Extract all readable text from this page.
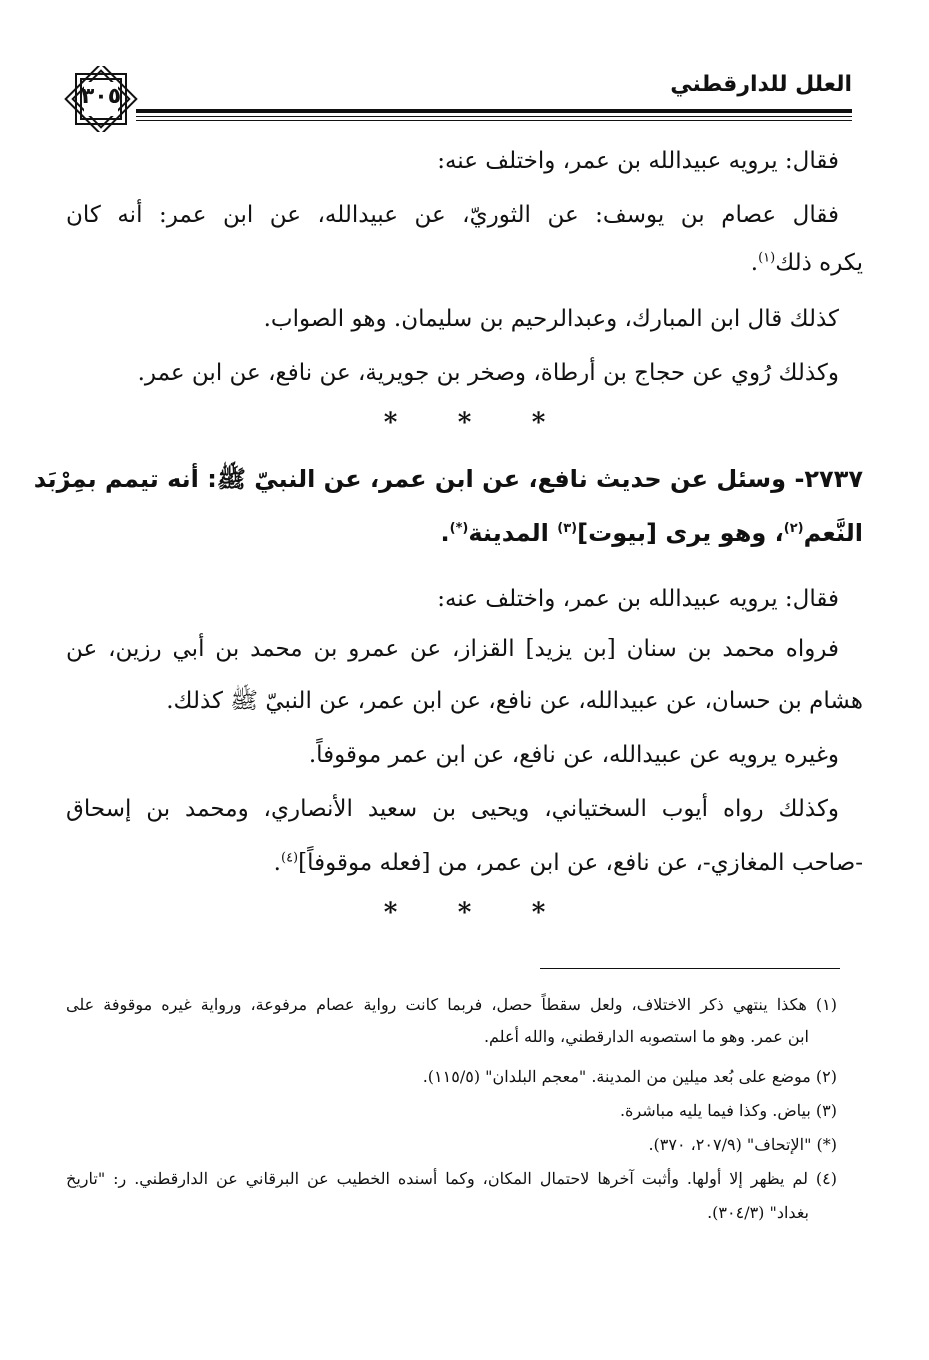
العلل للدارقطني
٣٠٥
فقال: يرويه عبيدالله بن عمر، واختلف عنه:
فقال عصام بن يوسف: عن الثوريّ، عن عبيدالله، عن ابن عمر: أنه كان
يكره ذلك$^{(١)}$.
كذلك قال ابن المبارك، وعبدالرحيم بن سليمان. وهو الصواب.
وكذلك رُوي عن حجاج بن أرطاة، وصخر بن جويرية، عن نافع، عن ابن عمر.
***
٢٧٣٧- وسئل عن حديث نافع، عن ابن عمر، عن النبيّ ﷺ: أنه تيمم بمِرْبَد
النَّعم$^{(٢)}$، وهو يرى [بيوت]$^{(٣)}$ المدينة(*).
فقال: يرويه عبيدالله بن عمر، واختلف عنه:
فرواه محمد بن سنان [بن يزيد] القزاز، عن عمرو بن محمد بن أبي رزين، عن
هشام بن حسان، عن عبيدالله، عن نافع، عن ابن عمر، عن النبيّ ﷺ كذلك.
وغيره يرويه عن عبيدالله، عن نافع، عن ابن عمر موقوفاً.
وكذلك رواه أيوب السختياني، ويحيى بن سعيد الأنصاري، ومحمد بن إسحاق
-صاحب المغازي-، عن نافع، عن ابن عمر، من [فعله موقوفاً]$^{(٤)}$.
***
(١) هكذا ينتهي ذكر الاختلاف، ولعل سقطاً حصل، فربما كانت رواية عصام مرفوعة، ورواية غيره موقوفة على
ابن عمر. وهو ما استصوبه الدارقطني، والله أعلم.
(٢) موضع على بُعد ميلين من المدينة. "معجم البلدان" (١١٥/٥).
(٣) بياض. وكذا فيما يليه مباشرة.
(*) "الإتحاف" (٢٠٧/٩، ٣٧٠).
(٤) لم يظهر إلا أولها. وأثبت آخرها لاحتمال المكان، وكما أسنده الخطيب عن البرقاني عن الدارقطني. ر: "تاريخ
بغداد" (٣٠٤/٣).
